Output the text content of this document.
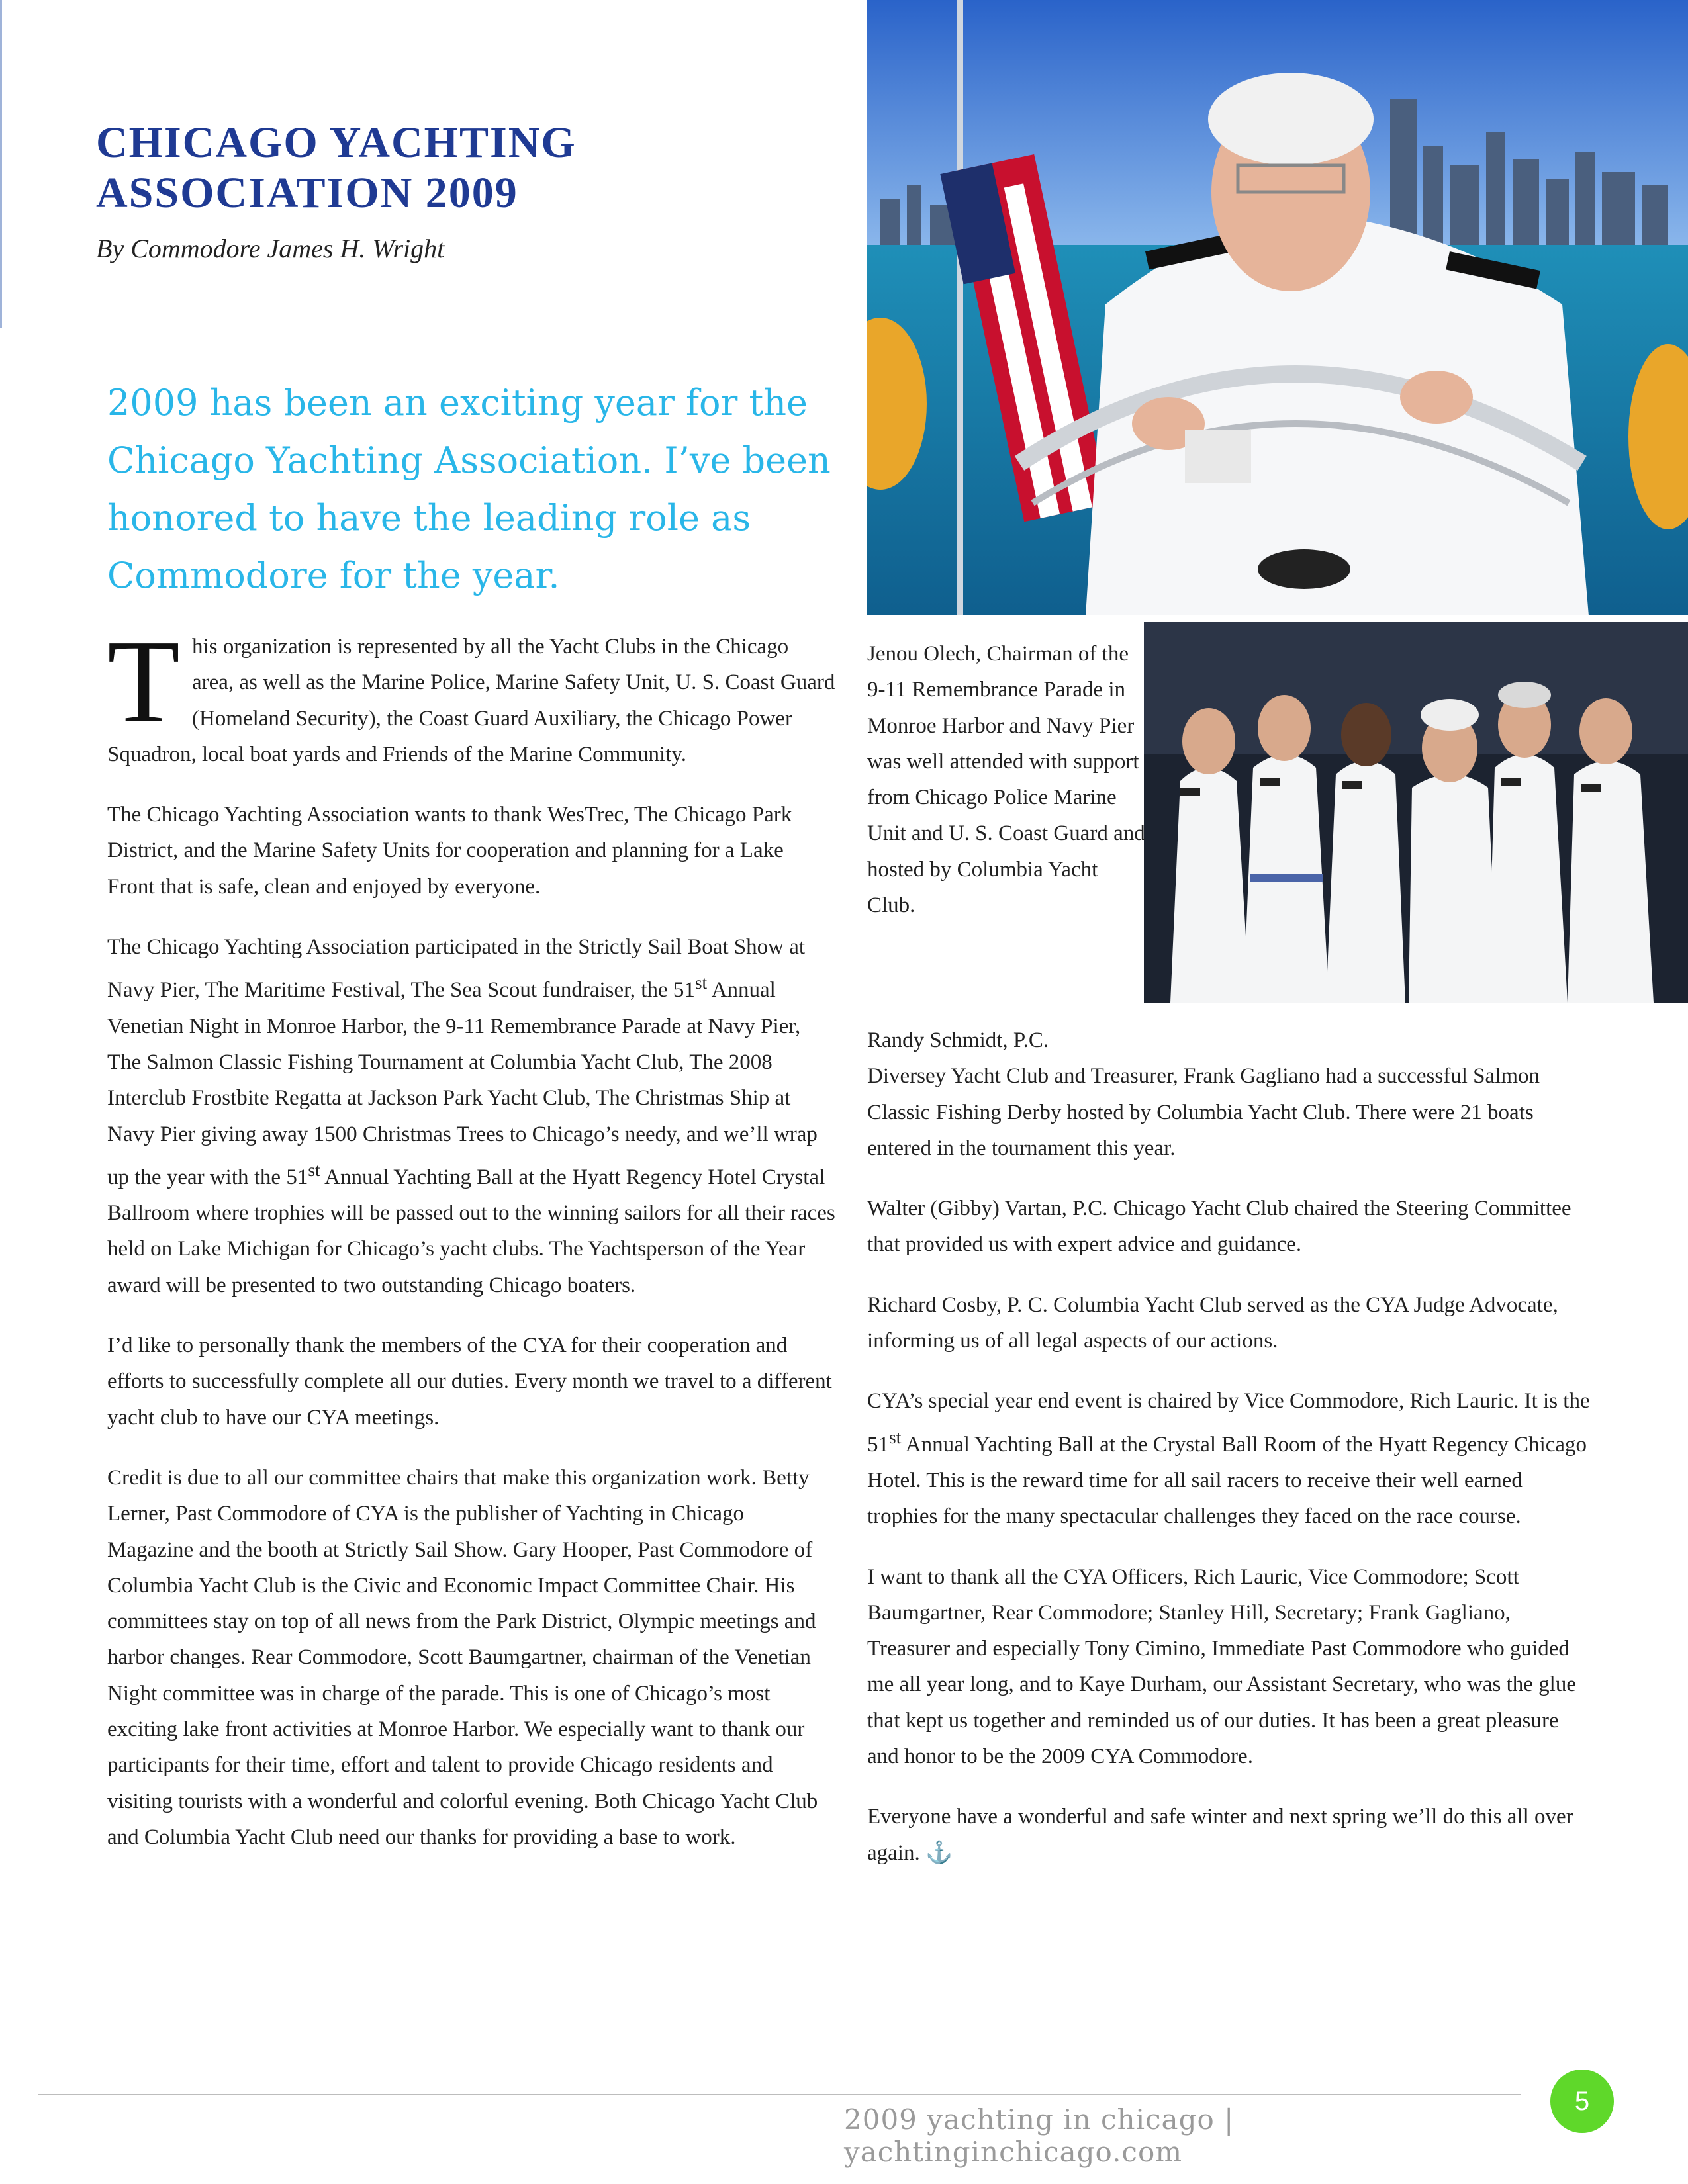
CHICAGO YACHTING
ASSOCIATION 2009
By Commodore James H. Wright
2009 has been an exciting year for the Chicago Yachting Association. I’ve been honored to have the leading role as Commodore for the year.

This organization is represented by all the Yacht Clubs in the Chicago area, as well as the Marine Police, Marine Safety Unit, U. S. Coast Guard (Homeland Security), the Coast Guard Auxiliary, the Chicago Power Squadron, local boat yards and Friends of the Marine Community.

The Chicago Yachting Association wants to thank WesTrec, The Chicago Park District, and the Marine Safety Units for cooperation and planning for a Lake Front that is safe, clean and enjoyed by everyone.

The Chicago Yachting Association participated in the Strictly Sail Boat Show at Navy Pier, The Maritime Festival, The Sea Scout fundraiser, the 51st Annual Venetian Night in Monroe Harbor, the 9-11 Remembrance Parade at Navy Pier, The Salmon Classic Fishing Tournament at Columbia Yacht Club, The 2008 Interclub Frostbite Regatta at Jackson Park Yacht Club, The Christmas Ship at Navy Pier giving away 1500 Christmas Trees to Chicago’s needy, and we’ll wrap up the year with the 51st Annual Yachting Ball at the Hyatt Regency Hotel Crystal Ballroom where trophies will be passed out to the winning sailors for all their races held on Lake Michigan for Chicago’s yacht clubs. The Yachtsperson of the Year award will be presented to two outstanding Chicago boaters.

I’d like to personally thank the members of the CYA for their cooperation and efforts to successfully complete all our duties. Every month we travel to a different yacht club to have our CYA meetings.

Credit is due to all our committee chairs that make this organization work. Betty Lerner, Past Commodore of CYA is the publisher of Yachting in Chicago Magazine and the booth at Strictly Sail Show. Gary Hooper, Past Commodore of Columbia Yacht Club is the Civic and Economic Impact Committee Chair. His committees stay on top of all news from the Park District, Olympic meetings and harbor changes. Rear Commodore, Scott Baumgartner, chairman of the Venetian Night committee was in charge of the parade. This is one of Chicago’s most exciting lake front activities at Monroe Harbor. We especially want to thank our participants for their time, effort and talent to provide Chicago residents and visiting tourists with a wonderful and colorful evening. Both Chicago Yacht Club and Columbia Yacht Club need our thanks for providing a base to work.

Jenou Olech, Chairman of the 9-11 Remembrance Parade in Monroe Harbor and Navy Pier was well attended with support from Chicago Police Marine Unit and U. S. Coast Guard and hosted by Columbia Yacht Club.

Randy Schmidt, P.C.
Diversey Yacht Club and Treasurer, Frank Gagliano had a successful Salmon Classic Fishing Derby hosted by Columbia Yacht Club. There were 21 boats entered in the tournament this year.

Walter (Gibby) Vartan, P.C. Chicago Yacht Club chaired the Steering Committee that provided us with expert advice and guidance.

Richard Cosby, P. C. Columbia Yacht Club served as the CYA Judge Advocate, informing us of all legal aspects of our actions.

CYA’s special year end event is chaired by Vice Commodore, Rich Lauric. It is the 51st Annual Yachting Ball at the Crystal Ball Room of the Hyatt Regency Chicago Hotel. This is the reward time for all sail racers to receive their well earned trophies for the many spectacular challenges they faced on the race course.

I want to thank all the CYA Officers, Rich Lauric, Vice Commodore; Scott Baumgartner, Rear Commodore; Stanley Hill, Secretary; Frank Gagliano, Treasurer and especially Tony Cimino, Immediate Past Commodore who guided me all year long, and to Kaye Durham, our Assistant Secretary, who was the glue that kept us together and reminded us of our duties. It has been a great pleasure and honor to be the 2009 CYA Commodore.

Everyone have a wonderful and safe winter and next spring we’ll do this all over again. ⚓

2009 yachting in chicago | yachtinginchicago.com
5
